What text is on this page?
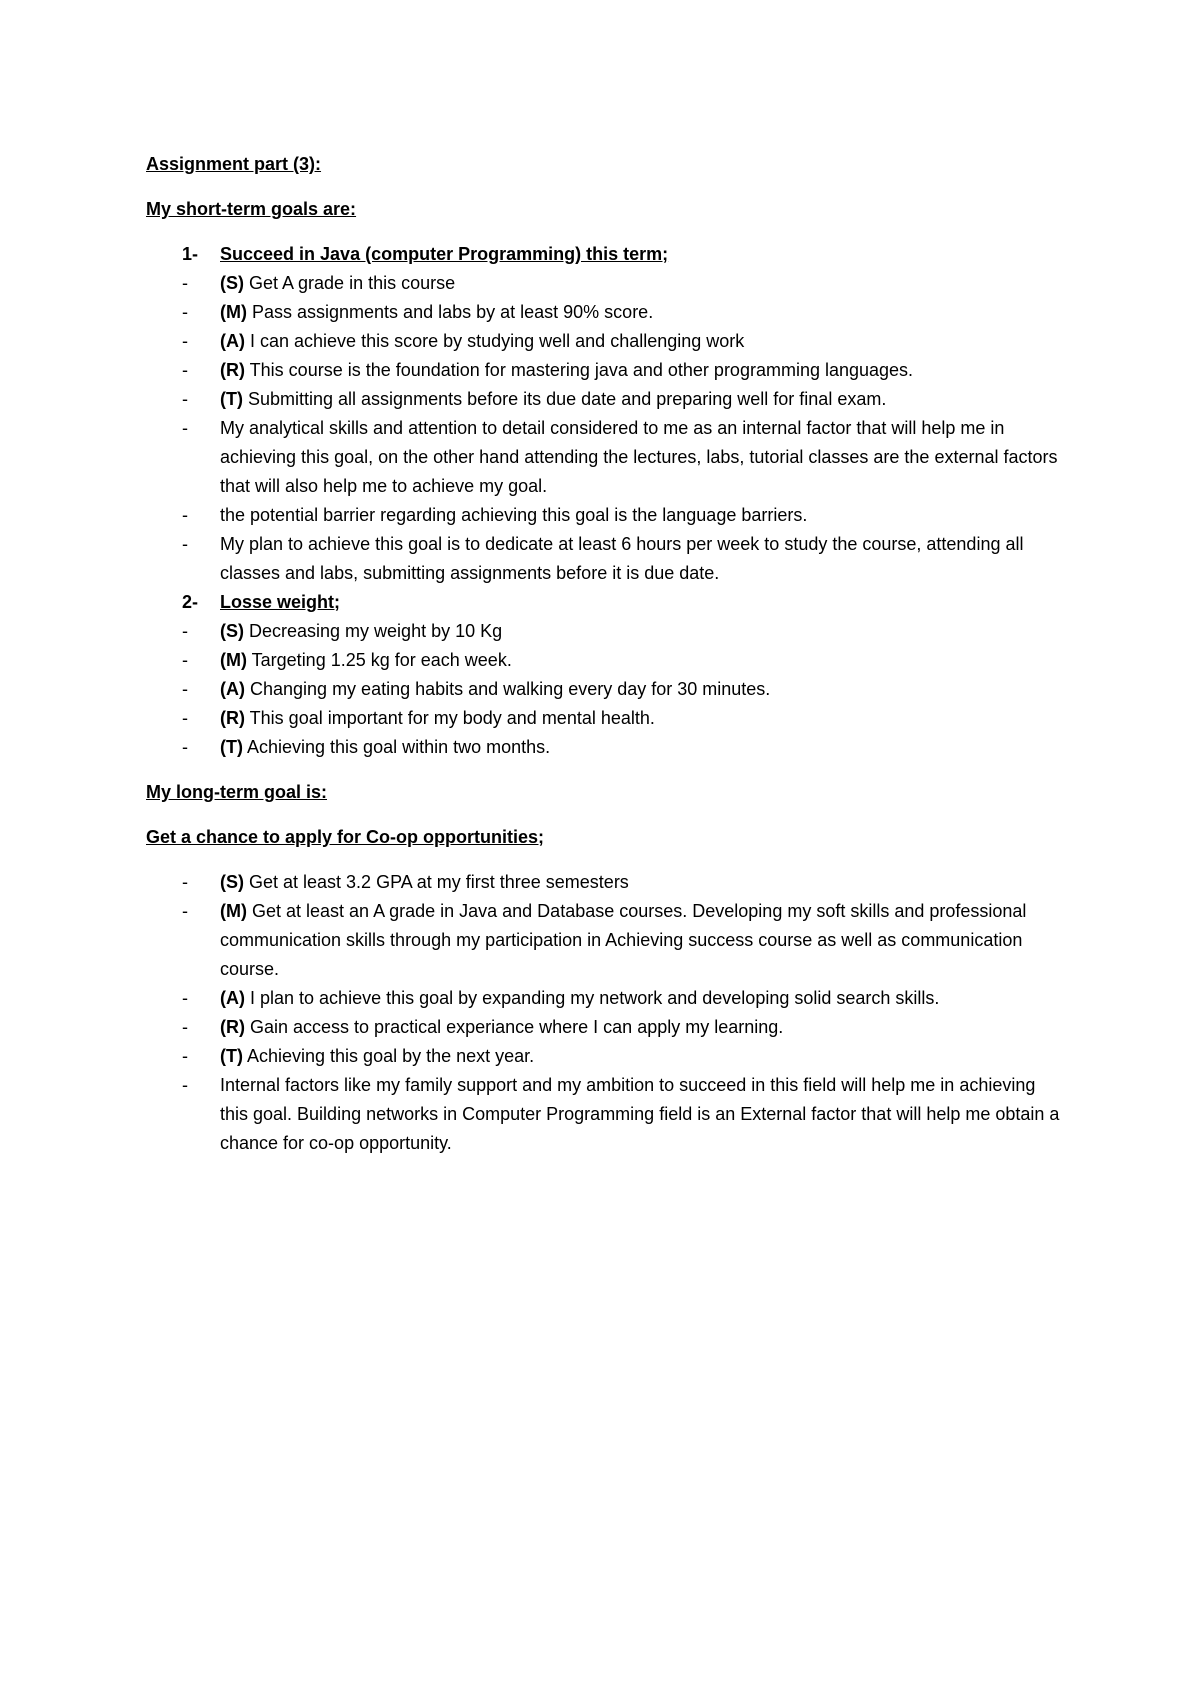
Assignment part (3):

My short-term goals are:

1-	Succeed in Java (computer Programming) this term;
-	(S) Get A grade in this course
-	(M) Pass assignments and labs by at least 90% score.
-	(A) I can achieve this score by studying well and challenging work
-	(R) This course is the foundation for mastering java and other programming languages.
-	(T) Submitting all assignments before its due date and preparing well for final exam.
-	My analytical skills and attention to detail considered to me as an internal factor that will help me in achieving this goal, on the other hand attending the lectures, labs, tutorial classes are the external factors that will also help me to achieve my goal.
-	the potential barrier regarding achieving this goal is the language barriers.
-	My plan to achieve this goal is to dedicate at least 6 hours per week to study the course, attending all classes and labs, submitting assignments before it is due date.
2-	Losse weight;
-	(S) Decreasing my weight by 10 Kg
-	(M) Targeting 1.25 kg for each week.
-	(A) Changing my eating habits and walking every day for 30 minutes.
-	(R) This goal important for my body and mental health.
-	(T) Achieving this goal within two months.

My long-term goal is:

Get a chance to apply for Co-op opportunities;

-	(S) Get at least 3.2 GPA at my first three semesters
-	(M) Get at least an A grade in Java and Database courses. Developing my soft skills and professional communication skills through my participation in Achieving success course as well as communication course.
-	(A) I plan to achieve this goal by expanding my network and developing solid search skills.
-	(R) Gain access to practical experiance where I can apply my learning.
-	(T) Achieving this goal by the next year.
-	Internal factors like my family support and my ambition to succeed in this field will help me in achieving this goal. Building networks in Computer Programming field is an External factor that will help me obtain a chance for co-op opportunity.
